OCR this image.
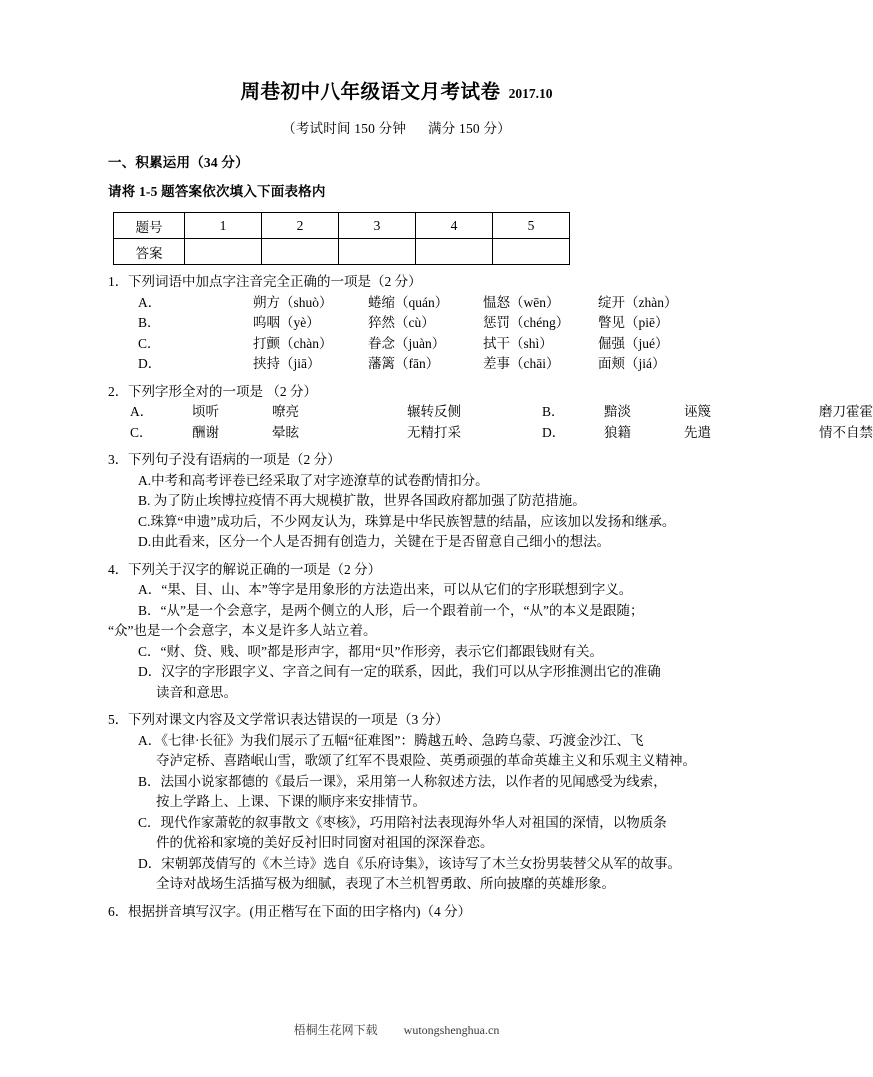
周巷初中八年级语文月考试卷 2017.10
（考试时间 150 分钟 满分 150 分）
一、积累运用（34 分）
请将 1-5 题答案依次填入下面表格内
题号	1	2	3	4	5
答案					
1．下列词语中加点字注音完全正确的一项是（2 分）
A．	朔方（shuò）	蜷缩（quán）	愠怒（wēn）	绽开（zhàn）
B．	呜咽（yè）	猝然（cù）	惩罚（chéng） 瞥见（piē）
C．	打颤（chàn）	眷念（juàn）	拭干（shì）	倔强（jué）
D．	挟持（jiā）	藩篱（fān）	差事（chāi）	面颊（jiá）
2．下列字形全对的一项是 （2 分）
A．	顷听	嘹亮	辗转反侧	B．	黯淡	诬篾	磨刀霍霍
C．	酬谢	晕眩	无精打采	D．	狼籍	先遣	情不自禁
3．下列句子没有语病的一项是（2 分）
A.中考和高考评卷已经采取了对字迹潦草的试卷酌情扣分。
B. 为了防止埃博拉疫情不再大规模扩散，世界各国政府都加强了防范措施。
C.珠算“申遗”成功后，不少网友认为，珠算是中华民族智慧的结晶，应该加以发扬和继承。
D.由此看来，区分一个人是否拥有创造力，关键在于是否留意自己细小的想法。
4．下列关于汉字的解说正确的一项是（2 分）
A．“果、目、山、本”等字是用象形的方法造出来，可以从它们的字形联想到字义。
B．“从”是一个会意字，是两个侧立的人形，后一个跟着前一个，“从”的本义是跟随；
“众”也是一个会意字，本义是许多人站立着。
C．“财、贷、贱、呗”都是形声字，都用“贝”作形旁，表示它们都跟钱财有关。
D．汉字的字形跟字义、字音之间有一定的联系，因此，我们可以从字形推测出它的准确
读音和意思。
5．下列对课文内容及文学常识表达错误的一项是（3 分）
A．《七律·长征》为我们展示了五幅“征难图”：腾越五岭、急跨乌蒙、巧渡金沙江、飞
夺泸定桥、喜踏岷山雪，歌颂了红军不畏艰险、英勇顽强的革命英雄主义和乐观主义精神。
B．法国小说家都德的《最后一课》，采用第一人称叙述方法，以作者的见闻感受为线索，
按上学路上、上课、下课的顺序来安排情节。
C．现代作家萧乾的叙事散文《枣核》，巧用陪衬法表现海外华人对祖国的深情，以物质条
件的优裕和家境的美好反衬旧时同窗对祖国的深深眷恋。
D．宋朝郭茂倩写的《木兰诗》选自《乐府诗集》，该诗写了木兰女扮男装替父从军的故事。
全诗对战场生活描写极为细腻，表现了木兰机智勇敢、所向披靡的英雄形象。
6．根据拼音填写汉字。(用正楷写在下面的田字格内)（4 分）
梧桐生花网下载 wutongshenghua.cn
